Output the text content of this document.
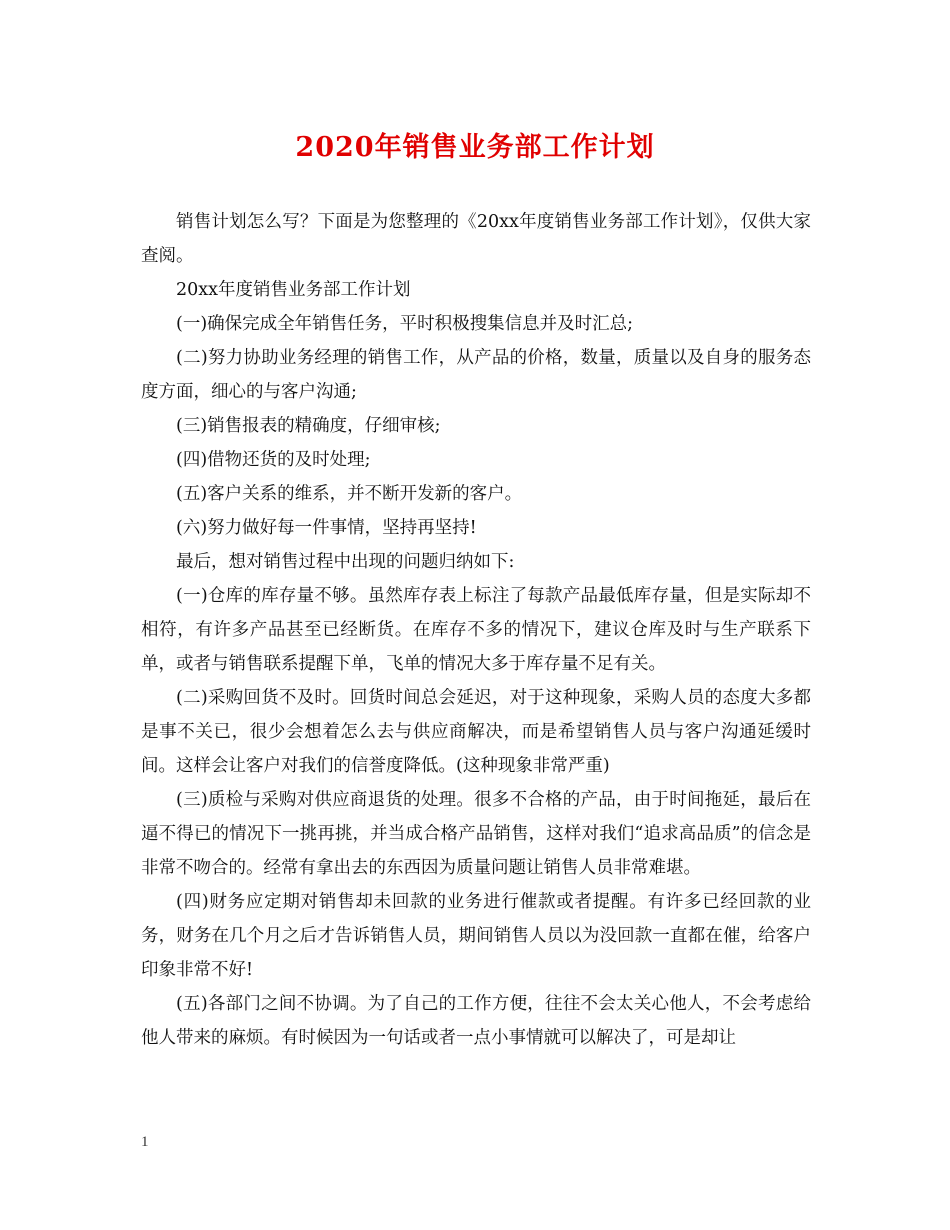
2020年销售业务部工作计划

销售计划怎么写？下面是为您整理的《20xx年度销售业务部工作计划》，仅供大家查阅。

20xx年度销售业务部工作计划

(一)确保完成全年销售任务，平时积极搜集信息并及时汇总;

(二)努力协助业务经理的销售工作，从产品的价格，数量，质量以及自身的服务态度方面，细心的与客户沟通;

(三)销售报表的精确度，仔细审核;

(四)借物还货的及时处理;

(五)客户关系的维系，并不断开发新的客户。

(六)努力做好每一件事情，坚持再坚持!

最后，想对销售过程中出现的问题归纳如下:

(一)仓库的库存量不够。虽然库存表上标注了每款产品最低库存量，但是实际却不相符，有许多产品甚至已经断货。在库存不多的情况下，建议仓库及时与生产联系下单，或者与销售联系提醒下单，飞单的情况大多于库存量不足有关。

(二)采购回货不及时。回货时间总会延迟，对于这种现象，采购人员的态度大多都是事不关已，很少会想着怎么去与供应商解决，而是希望销售人员与客户沟通延缓时间。这样会让客户对我们的信誉度降低。(这种现象非常严重)

(三)质检与采购对供应商退货的处理。很多不合格的产品，由于时间拖延，最后在逼不得已的情况下一挑再挑，并当成合格产品销售，这样对我们“追求高品质”的信念是非常不吻合的。经常有拿出去的东西因为质量问题让销售人员非常难堪。

(四)财务应定期对销售却未回款的业务进行催款或者提醒。有许多已经回款的业务，财务在几个月之后才告诉销售人员，期间销售人员以为没回款一直都在催，给客户印象非常不好!

(五)各部门之间不协调。为了自己的工作方便，往往不会太关心他人，不会考虑给他人带来的麻烦。有时候因为一句话或者一点小事情就可以解决了，可是却让

1
